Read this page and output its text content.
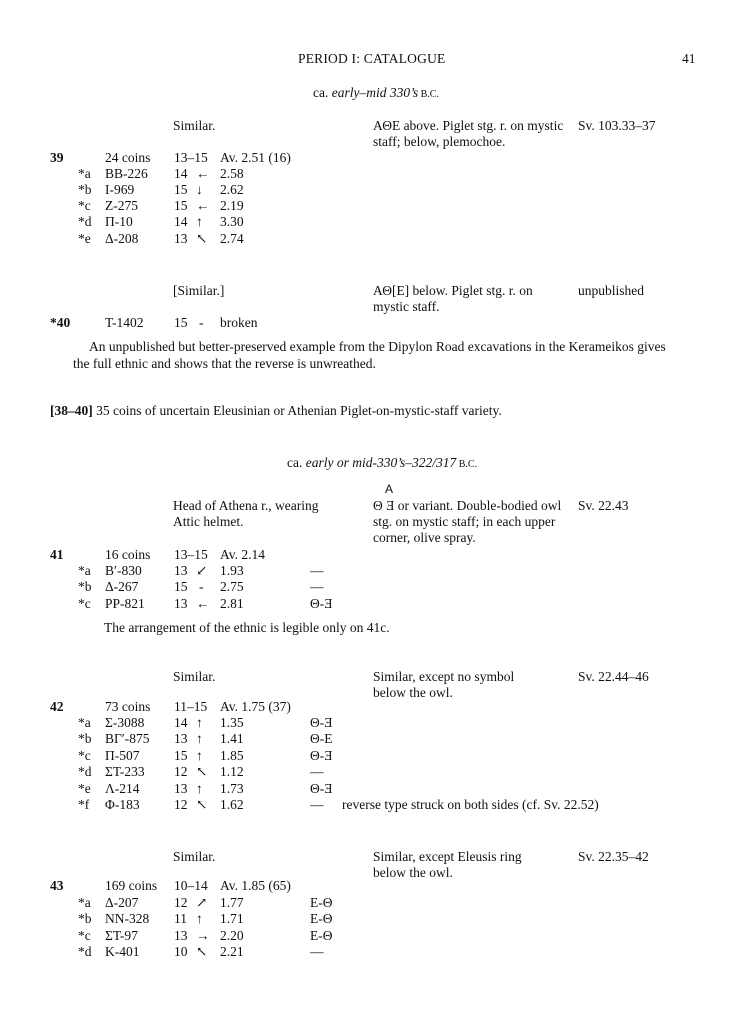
PERIOD I: CATALOGUE	41
ca. early–mid 330’s B.C.
Similar.	ΑΘΕ above. Piglet stg. r. on mystic staff; below, plemochoe.
Sv. 103.33–37
39	24 coins 13–15 Av. 2.51 (16)
*a BB-226 14 ← 2.58
*b I-969	15 ↓ 2.62
*c Z-275	15 ← 2.19
*d Π-10	14 ↑ 3.30
*e Δ-208	13 ↖ 2.74
[Similar.]	ΑΘ[Ε] below. Piglet stg. r. on mystic staff.
unpublished
*40	T-1402 15 - broken
An unpublished but better-preserved example from the Dipylon Road excavations in the Kerameikos gives the full ethnic and shows that the reverse is unwreathed.
[38–40] 35 coins of uncertain Eleusinian or Athenian Piglet-on-mystic-staff variety.
ca. early or mid-330’s–322/317 B.C.
Head of Athena r., wearing Attic helmet.
A
Θ Ǝ or variant. Double-bodied owl stg. on mystic staff; in each upper corner, olive spray.
Sv. 22.43
41	16 coins 13–15 Av. 2.14
*a Β′-830 13 ↙ 1.93	—
*b Δ-267	15 - 2.75	—
*c ΡΡ-821 13 ← 2.81	Θ-Ǝ
The arrangement of the ethnic is legible only on 41c.
Similar.	Similar, except no symbol below the owl.
Sv. 22.44–46
42	73 coins 11–15 Av. 1.75 (37)
*a Σ-3088 14 ↑ 1.35	Θ-Ǝ
*b ΒΓ′-875 13 ↑ 1.41	Θ-Ε
*c Π-507	15 ↑ 1.85	Θ-Ǝ
*d ΣΤ-233 12 ↖ 1.12	—
*e Λ-214	13 ↑ 1.73	Θ-Ǝ
*f Φ-183	12 ↖ 1.62	— reverse type struck on both sides (cf. Sv. 22.52)
Similar.	Similar, except Eleusis ring below the owl.
Sv. 22.35–42
43	169 coins 10–14 Av. 1.85 (65)
*a Δ-207	12 ↗ 1.77	Ε-Θ
*b ΝΝ-328 11 ↑ 1.71	Ε-Θ
*c ΣΤ-97	13 → 2.20	Ε-Θ
*d Κ-401	10 ↖ 2.21	—
